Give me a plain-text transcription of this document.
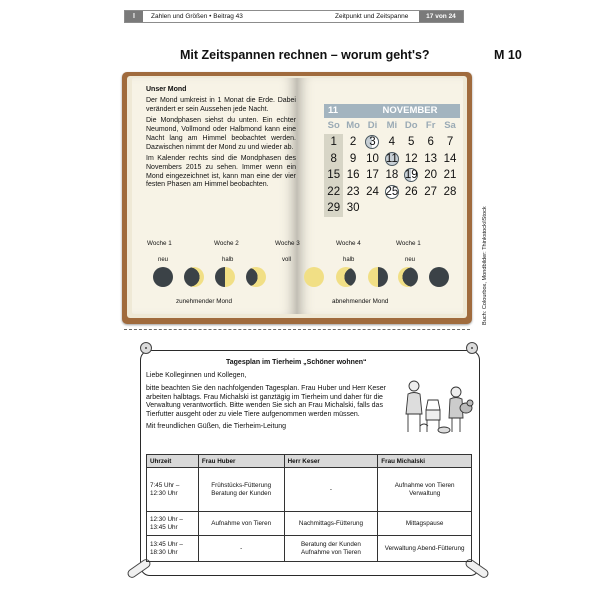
I	Zahlen und Größen • Beitrag 43	Zeitpunkt und Zeitspanne	17 von 24
Mit Zeitspannen rechnen – worum geht's?	M 10
Unser Mond

Der Mond umkreist in 1 Monat die Erde. Dabei verändert er sein Aussehen jede Nacht.

Die Mondphasen siehst du unten. Ein echter Neumond, Vollmond oder Halbmond kann eine Nacht lang am Himmel beobachtet werden. Dazwischen nimmt der Mond zu und wieder ab.

Im Kalender rechts sind die Mondphasen des Novembers 2015 zu sehen. Immer wenn ein Mond eingezeichnet ist, kann man eine der vier festen Phasen am Himmel beobachten.

11	NOVEMBER
So Mo Di Mi Do Fr Sa
1	2	3	4	5	6	7
8	9 10 11 12 13 14
15 16 17 18 19 20 21
22 23 24 25 26 27 28
29 30
Woche 1	Woche 2	Woche 3	Woche 4	Woche 1
neu	halb	voll	halb	neu
zunehmender Mond	abnehmender Mond	Buch: Colourbox, Mondbilder: Thinkstock/iStock
Tagesplan im Tierheim „Schöner wohnen“

Liebe Kolleginnen und Kollegen,

bitte beachten Sie den nachfolgenden Tagesplan. Frau Huber und Herr Keser arbeiten halbtags. Frau Michalski ist ganztägig im Tierheim und daher für die Verwaltung verantwortlich. Bitte wenden Sie sich an Frau Michalski, falls das Tierfutter ausgeht oder zu viele Tiere aufgenommen werden müssen.

Mit freundlichen Güßen, die Tierheim-Leitung

Uhrzeit	Frau Huber	Herr Keser	Frau Michalski
7:45 Uhr – 12:30 Uhr	Frühstücks-Fütterung Beratung der Kunden	-	Aufnahme von Tieren Verwaltung
12:30 Uhr – 13:45 Uhr	Aufnahme von Tieren	Nachmittags-Fütterung	Mittagspause
13:45 Uhr – 18:30 Uhr	-	Beratung der Kunden Aufnahme von Tieren	Verwaltung Abend-Fütterung
